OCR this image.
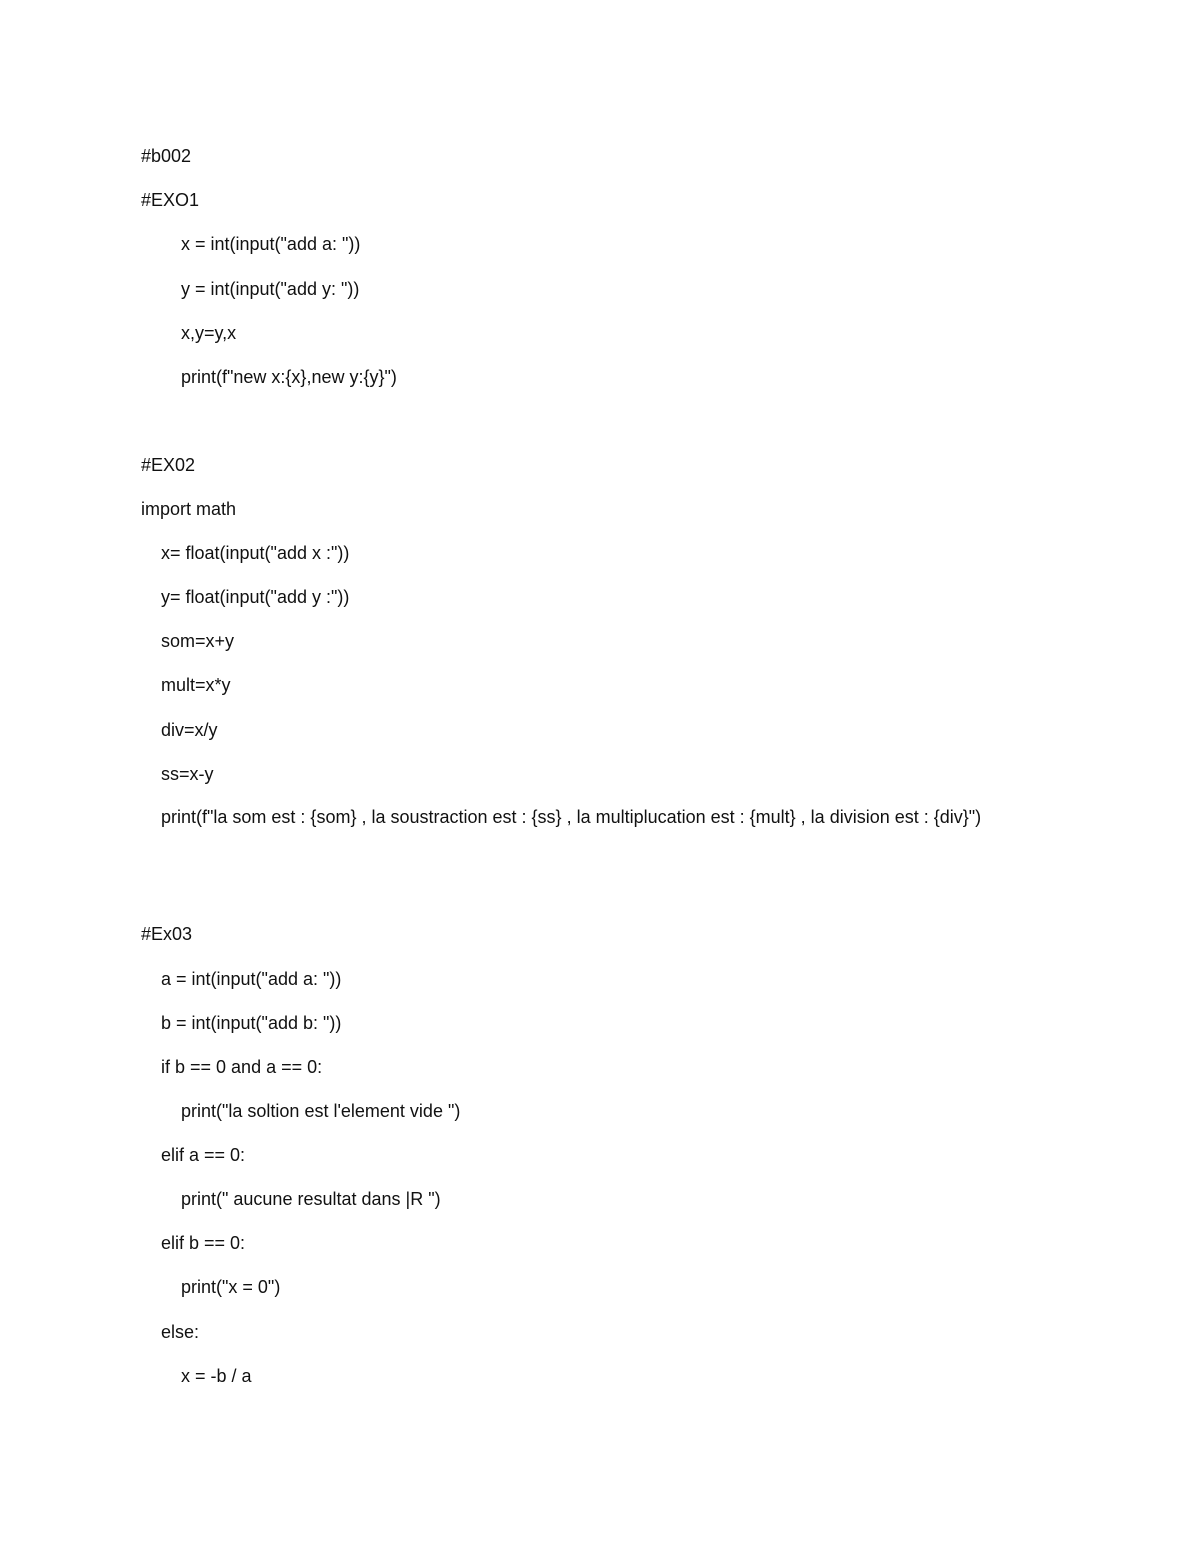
#b002
#EXO1
x = int(input("add a: "))
y = int(input("add y: "))
x,y=y,x
print(f"new x:{x},new y:{y}")
#EX02
import math
x= float(input("add x :"))
y= float(input("add y :"))
som=x+y
mult=x*y
div=x/y
ss=x-y
print(f"la som est : {som} , la soustraction est : {ss} , la multiplucation est : {mult} , la division est : {div}")
#Ex03
a = int(input("add a: "))
b = int(input("add b: "))
if b == 0 and a == 0:
print("la soltion est l'element vide ")
elif a == 0:
print(" aucune resultat dans |R ")
elif b == 0:
print("x = 0")
else:
x = -b / a
